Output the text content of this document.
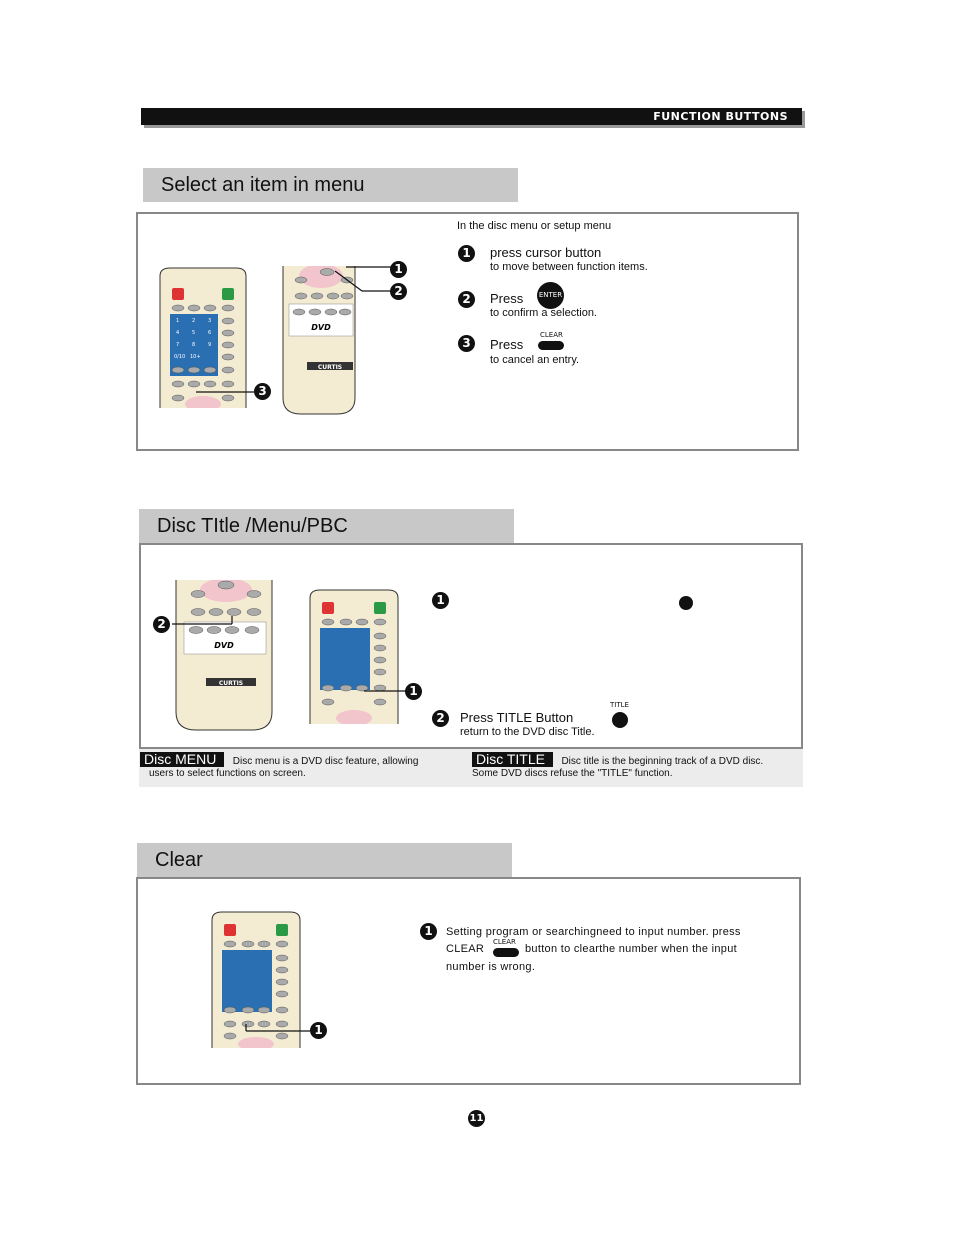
FUNCTION BUTTONS
Select an item in menu
1	2	3
4	5	6
7	8	9
0/10 10+
DVD
CURTIS
1
2
3
In the disc menu or setup menu
1	press cursor button
to move between function items.
2	Press ENTER
to confirm a selection.
3	Press
CLEAR
to cancel an entry.
Disc TItle /Menu/PBC
DVD
CURTIS
2
1
1
2	Press TITLE Button
TITLE
return to the DVD disc Title.
Disc MENU Disc menu is a DVD disc feature, allowing
users to select functions on screen.
Disc TITLE Disc title is the beginning track of a DVD disc.
Some DVD discs refuse the "TITLE" function.
Clear
1
1	Setting program or searchingneed to input number. press
CLEAR
CLEAR
button to clearthe number when the input
number is wrong.
11
